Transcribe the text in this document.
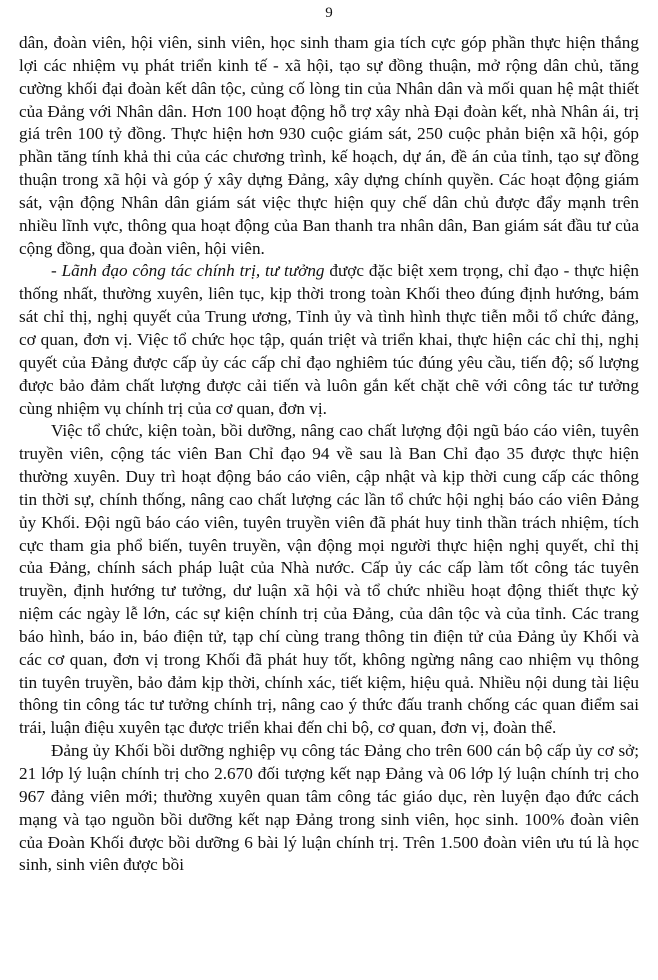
9

dân, đoàn viên, hội viên, sinh viên, học sinh tham gia tích cực góp phần thực hiện thắng lợi các nhiệm vụ phát triển kinh tế - xã hội, tạo sự đồng thuận, mở rộng dân chủ, tăng cường khối đại đoàn kết dân tộc, củng cố lòng tin của Nhân dân và mối quan hệ mật thiết của Đảng với Nhân dân. Hơn 100 hoạt động hỗ trợ xây nhà Đại đoàn kết, nhà Nhân ái, trị giá trên 100 tỷ đồng. Thực hiện hơn 930 cuộc giám sát, 250 cuộc phản biện xã hội, góp phần tăng tính khả thi của các chương trình, kế hoạch, dự án, đề án của tỉnh, tạo sự đồng thuận trong xã hội và góp ý xây dựng Đảng, xây dựng chính quyền. Các hoạt động giám sát, vận động Nhân dân giám sát việc thực hiện quy chế dân chủ được đẩy mạnh trên nhiều lĩnh vực, thông qua hoạt động của Ban thanh tra nhân dân, Ban giám sát đầu tư của cộng đồng, qua đoàn viên, hội viên.

- Lãnh đạo công tác chính trị, tư tưởng được đặc biệt xem trọng, chỉ đạo - thực hiện thống nhất, thường xuyên, liên tục, kịp thời trong toàn Khối theo đúng định hướng, bám sát chỉ thị, nghị quyết của Trung ương, Tỉnh ủy và tình hình thực tiễn mỗi tổ chức đảng, cơ quan, đơn vị. Việc tổ chức học tập, quán triệt và triển khai, thực hiện các chỉ thị, nghị quyết của Đảng được cấp ủy các cấp chỉ đạo nghiêm túc đúng yêu cầu, tiến độ; số lượng được bảo đảm chất lượng được cải tiến và luôn gắn kết chặt chẽ với công tác tư tưởng cùng nhiệm vụ chính trị của cơ quan, đơn vị.

Việc tổ chức, kiện toàn, bồi dưỡng, nâng cao chất lượng đội ngũ báo cáo viên, tuyên truyền viên, cộng tác viên Ban Chỉ đạo 94 về sau là Ban Chỉ đạo 35 được thực hiện thường xuyên. Duy trì hoạt động báo cáo viên, cập nhật và kịp thời cung cấp các thông tin thời sự, chính thống, nâng cao chất lượng các lần tổ chức hội nghị báo cáo viên Đảng ủy Khối. Đội ngũ báo cáo viên, tuyên truyền viên đã phát huy tinh thần trách nhiệm, tích cực tham gia phổ biến, tuyên truyền, vận động mọi người thực hiện nghị quyết, chỉ thị của Đảng, chính sách pháp luật của Nhà nước. Cấp ủy các cấp làm tốt công tác tuyên truyền, định hướng tư tưởng, dư luận xã hội và tổ chức nhiều hoạt động thiết thực kỷ niệm các ngày lễ lớn, các sự kiện chính trị của Đảng, của dân tộc và của tỉnh. Các trang báo hình, báo in, báo điện tử, tạp chí cùng trang thông tin điện tử của Đảng ủy Khối và các cơ quan, đơn vị trong Khối đã phát huy tốt, không ngừng nâng cao nhiệm vụ thông tin tuyên truyền, bảo đảm kịp thời, chính xác, tiết kiệm, hiệu quả. Nhiều nội dung tài liệu thông tin công tác tư tưởng chính trị, nâng cao ý thức đấu tranh chống các quan điểm sai trái, luận điệu xuyên tạc được triển khai đến chi bộ, cơ quan, đơn vị, đoàn thể.

Đảng ủy Khối bồi dưỡng nghiệp vụ công tác Đảng cho trên 600 cán bộ cấp ủy cơ sở; 21 lớp lý luận chính trị cho 2.670 đối tượng kết nạp Đảng và 06 lớp lý luận chính trị cho 967 đảng viên mới; thường xuyên quan tâm công tác giáo dục, rèn luyện đạo đức cách mạng và tạo nguồn bồi dưỡng kết nạp Đảng trong sinh viên, học sinh. 100% đoàn viên của Đoàn Khối được bồi dưỡng 6 bài lý luận chính trị. Trên 1.500 đoàn viên ưu tú là học sinh, sinh viên được bồi
